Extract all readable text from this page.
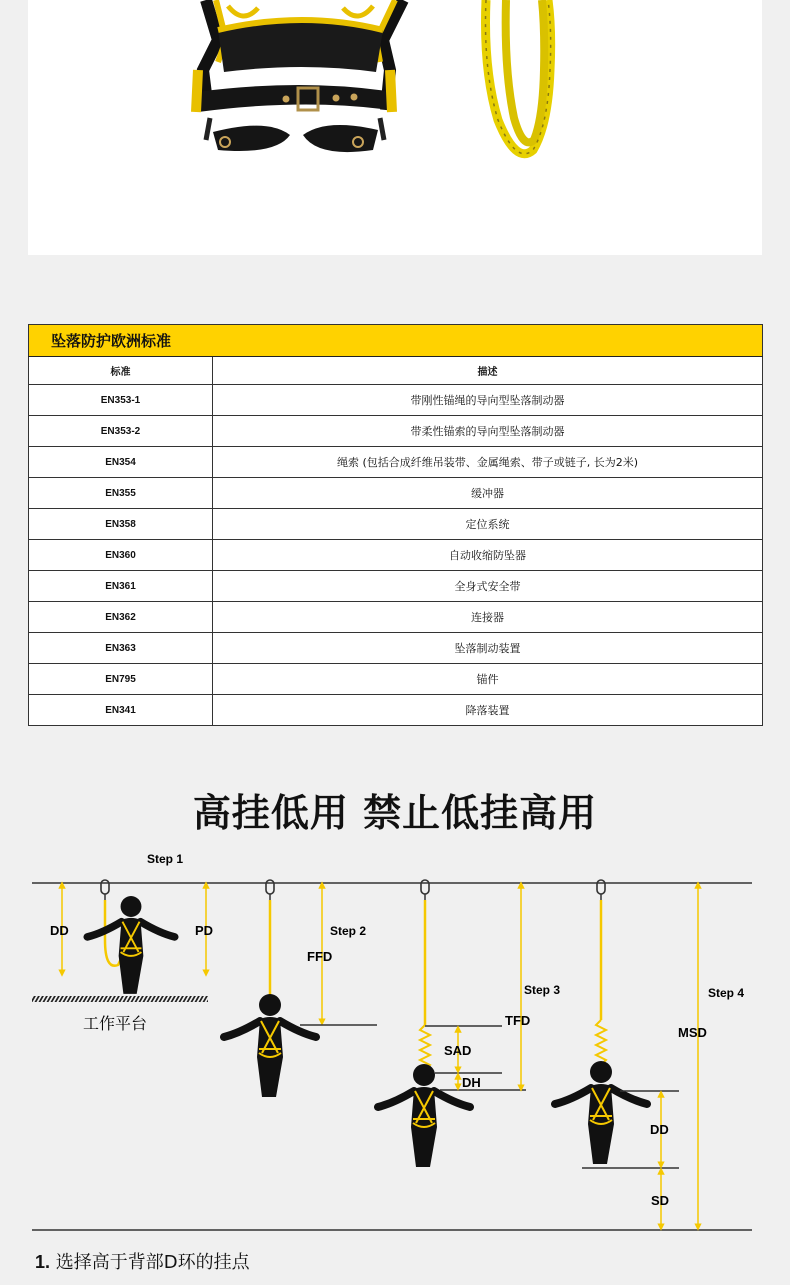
坠落防护欧洲标准	
标准	描述
EN353-1	带刚性锚绳的导向型坠落制动器
EN353-2	带柔性锚索的导向型坠落制动器
EN354	绳索 (包括合成纤维吊装带、金属绳索、带子或链子, 长为2米)
EN355	缓冲器
EN358	定位系统
EN360	自动收缩防坠器
EN361	全身式安全带
EN362	连接器
EN363	坠落制动装置
EN795	锚件
EN341	降落装置
高挂低用 禁止低挂高用
Step 1
DD	PD
工作平台
Step 2
FFD
Step 3
TFD
SAD
DH
Step 4
MSD
DD
SD
1. 选择高于背部D环的挂点
